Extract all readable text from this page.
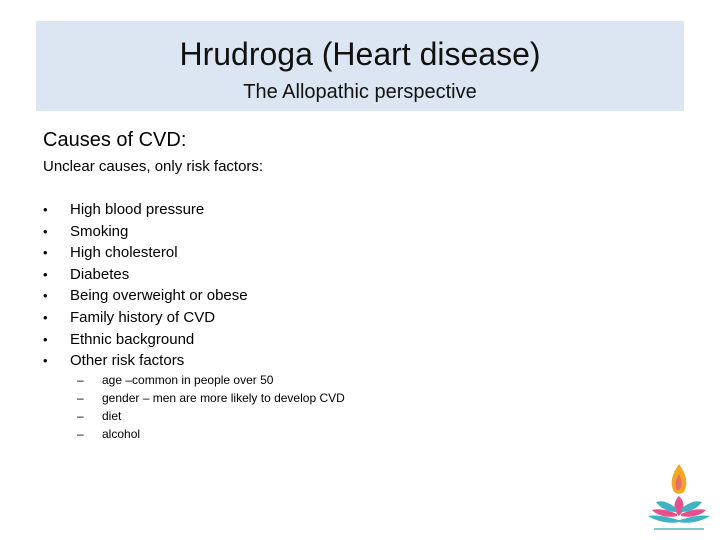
Hrudroga (Heart disease)
The Allopathic perspective
Causes of CVD:
Unclear causes, only risk factors:
• High blood pressure
• Smoking
• High cholesterol
• Diabetes
• Being overweight or obese
• Family history of CVD
• Ethnic background
• Other risk factors
– age –common in people over 50
– gender – men are more likely to develop CVD
– diet
– alcohol
